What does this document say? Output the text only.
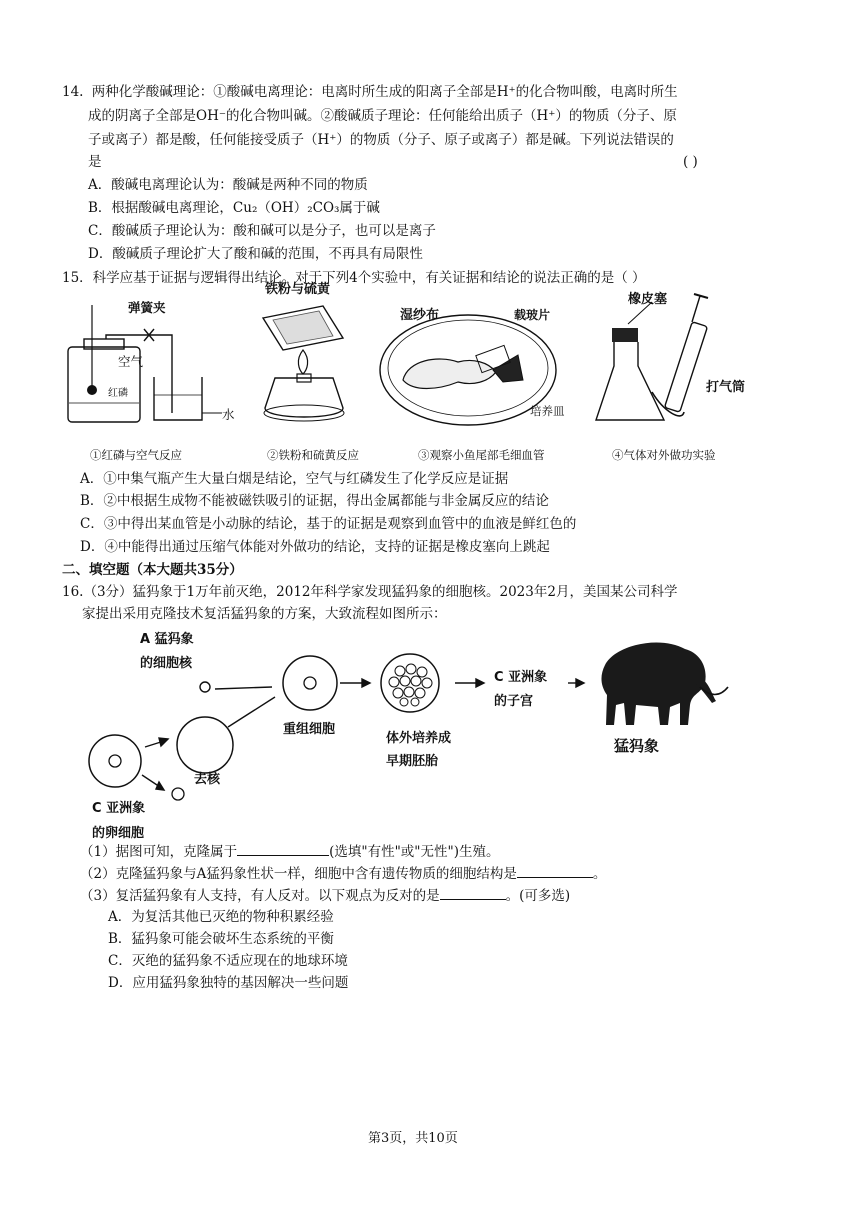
14. 两种化学酸碱理论：①酸碱电离理论：电离时所生成的阳离子全部是H⁺的化合物叫酸，电离时所生
成的阴离子全部是OH⁻的化合物叫碱。②酸碱质子理论：任何能给出质子（H⁺）的物质（分子、原
子或离子）都是酸，任何能接受质子（H⁺）的物质（分子、原子或离子）都是碱。下列说法错误的
是	( )
A．酸碱电离理论认为：酸碱是两种不同的物质
B．根据酸碱电离理论，Cu₂（OH）₂CO₃属于碱
C．酸碱质子理论认为：酸和碱可以是分子，也可以是离子
D．酸碱质子理论扩大了酸和碱的范围，不再具有局限性
15．科学应基于证据与逻辑得出结论。对于下列4个实验中，有关证据和结论的说法正确的是（ ）
弹簧夹
空气
红磷
水
铁粉与硫黄
湿纱布	载玻片
培养皿
橡皮塞
打气筒
①红磷与空气反应	②铁粉和硫黄反应	③观察小鱼尾部毛细血管	④气体对外做功实验
A．①中集气瓶产生大量白烟是结论，空气与红磷发生了化学反应是证据
B．②中根据生成物不能被磁铁吸引的证据，得出金属都能与非金属反应的结论
C．③中得出某血管是小动脉的结论，基于的证据是观察到血管中的血液是鲜红色的
D．④中能得出通过压缩气体能对外做功的结论，支持的证据是橡皮塞向上跳起
二、填空题（本大题共35分）
16.（3分）猛犸象于1万年前灭绝，2012年科学家发现猛犸象的细胞核。2023年2月，美国某公司科学
家提出采用克隆技术复活猛犸象的方案，大致流程如图所示：
A 猛犸象
的细胞核
重组细胞
体外培养成
早期胚胎
C 亚洲象
的子宫
猛犸象
去核
C 亚洲象
的卵细胞
（1）据图可知，克隆属于	(选填"有性"或"无性")生殖。
（2）克隆猛犸象与A猛犸象性状一样，细胞中含有遗传物质的细胞结构是	。
（3）复活猛犸象有人支持，有人反对。以下观点为反对的是	。(可多选)
A．为复活其他已灭绝的物种积累经验
B．猛犸象可能会破坏生态系统的平衡
C．灭绝的猛犸象不适应现在的地球环境
D．应用猛犸象独特的基因解决一些问题
第3页，共10页
